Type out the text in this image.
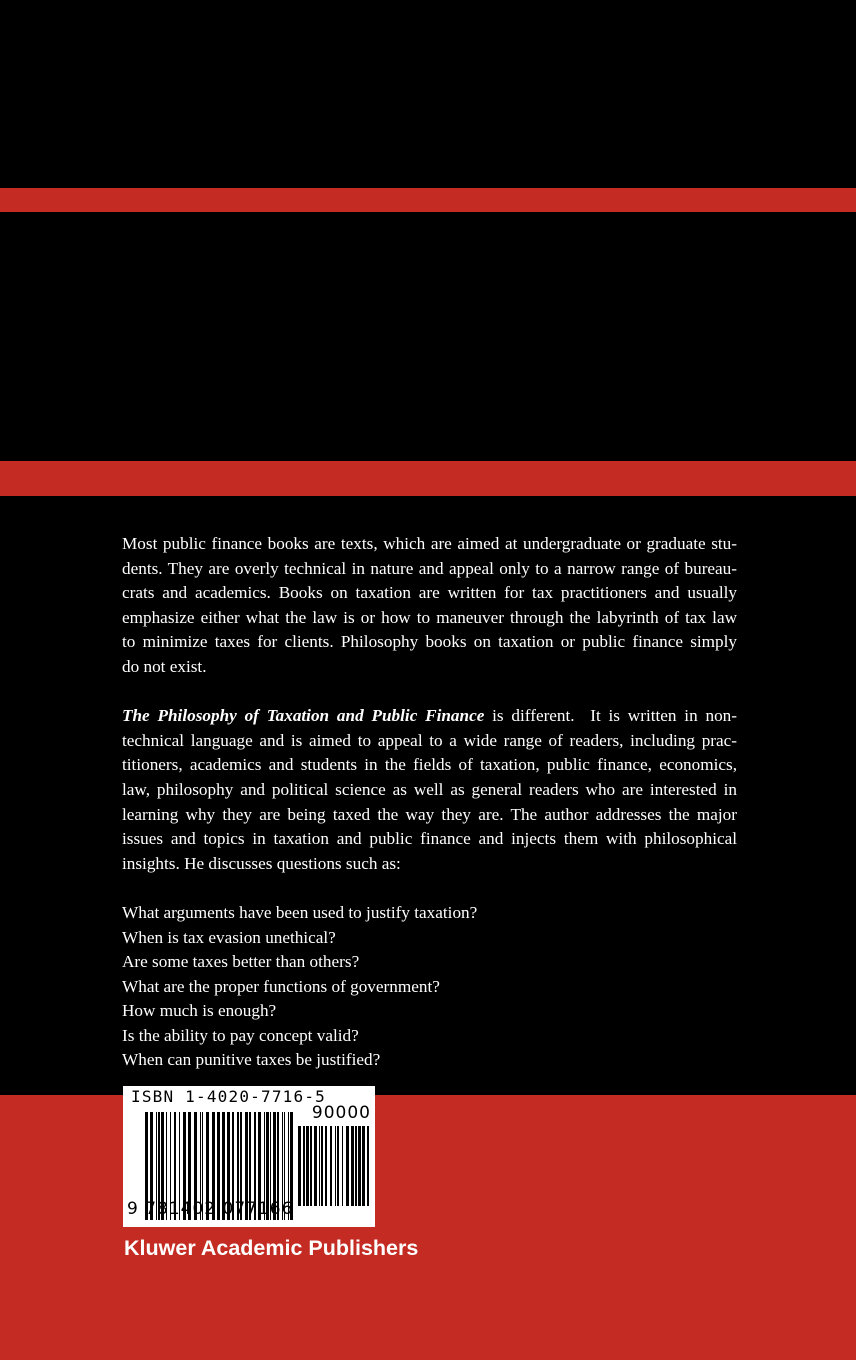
Most public finance books are texts, which are aimed at undergraduate or graduate stu-
dents. They are overly technical in nature and appeal only to a narrow range of bureau-
crats and academics. Books on taxation are written for tax practitioners and usually
emphasize either what the law is or how to maneuver through the labyrinth of tax law
to minimize taxes for clients. Philosophy books on taxation or public finance simply
do not exist.
The Philosophy of Taxation and Public Finance is different.  It is written in non-
technical language and is aimed to appeal to a wide range of readers, including prac-
titioners, academics and students in the fields of taxation, public finance, economics,
law, philosophy and political science as well as general readers who are interested in
learning why they are being taxed the way they are. The author addresses the major
issues and topics in taxation and public finance and injects them with philosophical
insights. He discusses questions such as:
What arguments have been used to justify taxation?
When is tax evasion unethical?
Are some taxes better than others?
What are the proper functions of government?
How much is enough?
Is the ability to pay concept valid?
When can punitive taxes be justified?
ISBN 1-4020-7716-5
90000
9 781402 077166
Kluwer Academic Publishers
